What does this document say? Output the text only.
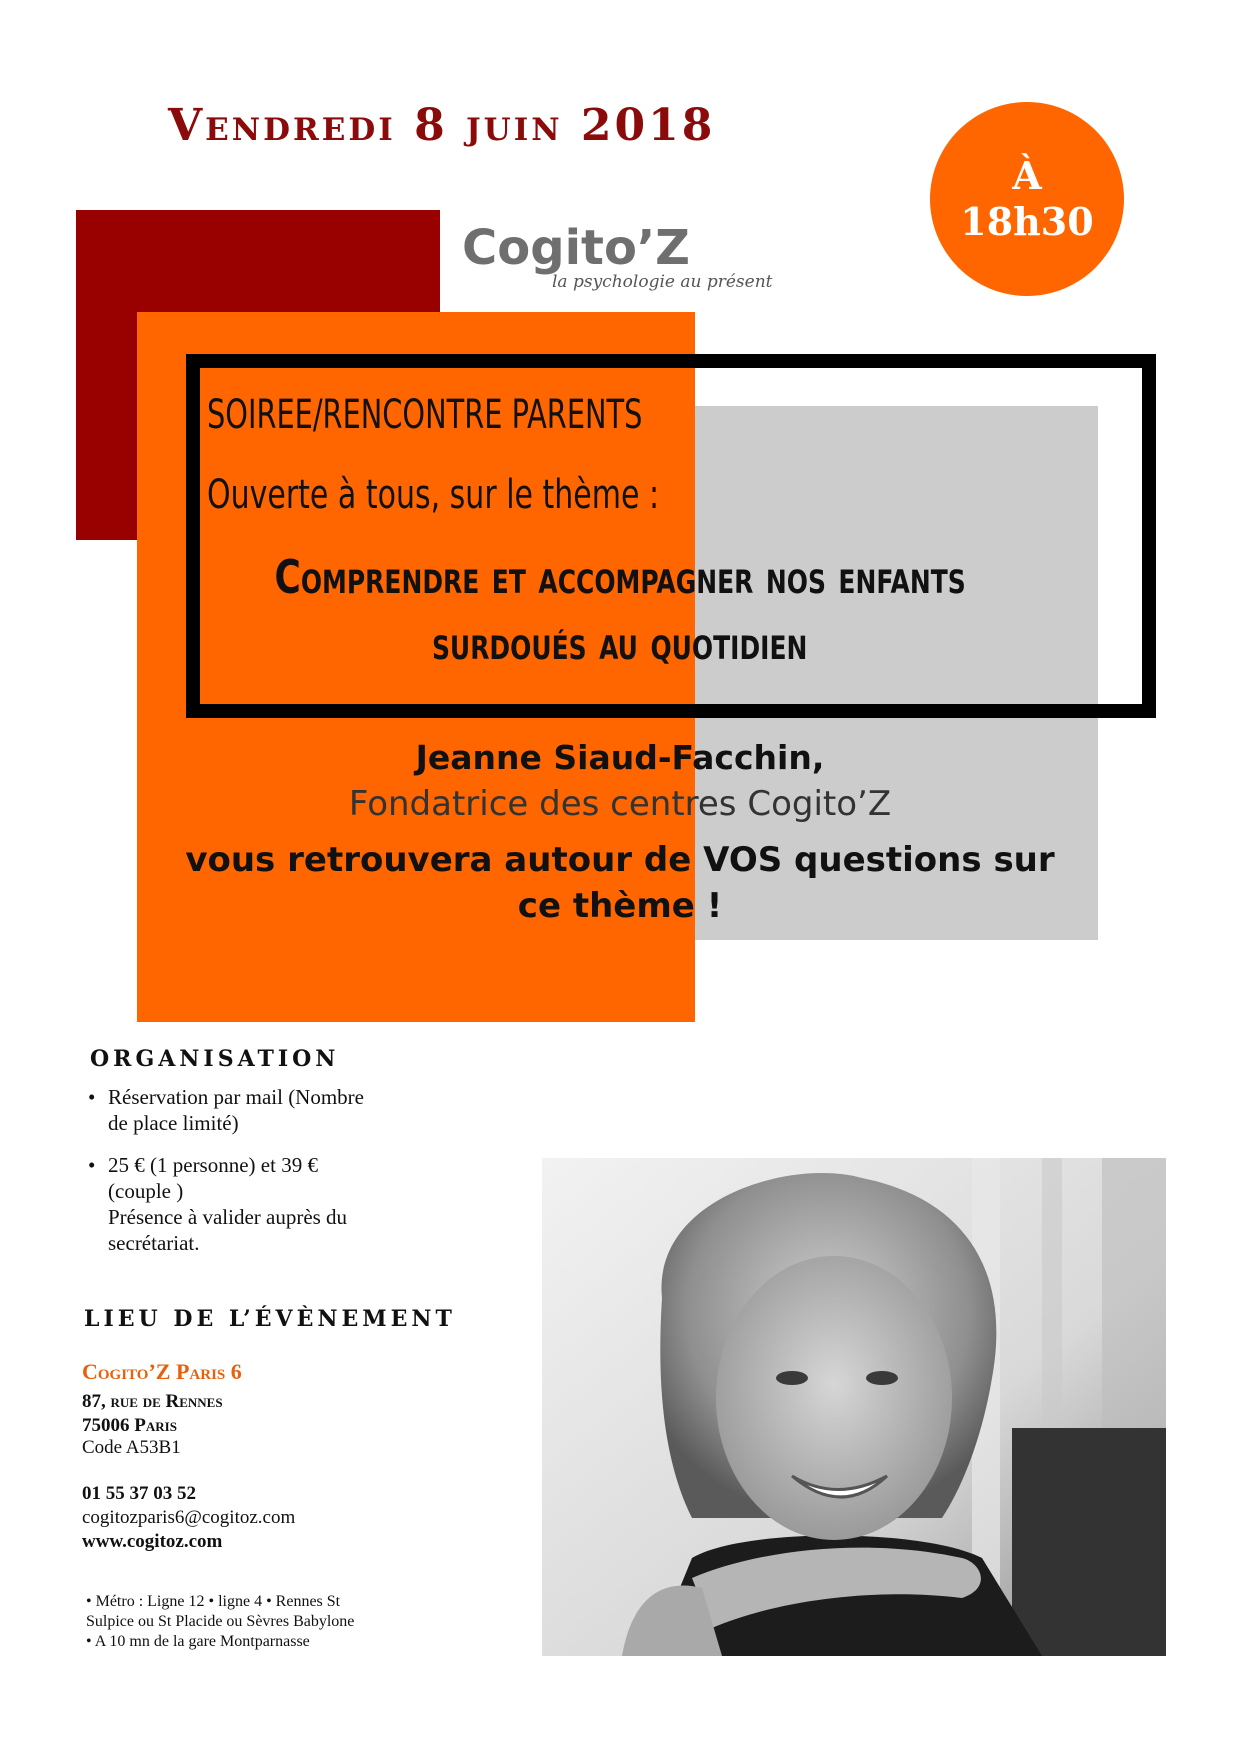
Vendredi 8 juin 2018
Cogito’Z
la psychologie au présent
À
18h30
SOIREE/RENCONTRE PARENTS
Ouverte à tous, sur le thème :
Comprendre et accompagner nos enfants
surdoués au quotidien
Jeanne Siaud-Facchin,
Fondatrice des centres Cogito’Z
vous retrouvera autour de VOS questions sur
ce thème !
ORGANISATION
• Réservation par mail (Nombre
de place limité)
• 25 € (1 personne) et 39 €
(couple )
Présence à valider auprès du
secrétariat.
LIEU DE L’ÉVÈNEMENT
Cogito’Z Paris 6
87, rue de Rennes
75006 Paris
Code A53B1
01 55 37 03 52
cogitozparis6@cogitoz.com
www.cogitoz.com
• Métro : Ligne 12 • ligne 4 • Rennes St
Sulpice ou St Placide ou Sèvres Babylone
• A 10 mn de la gare Montparnasse
